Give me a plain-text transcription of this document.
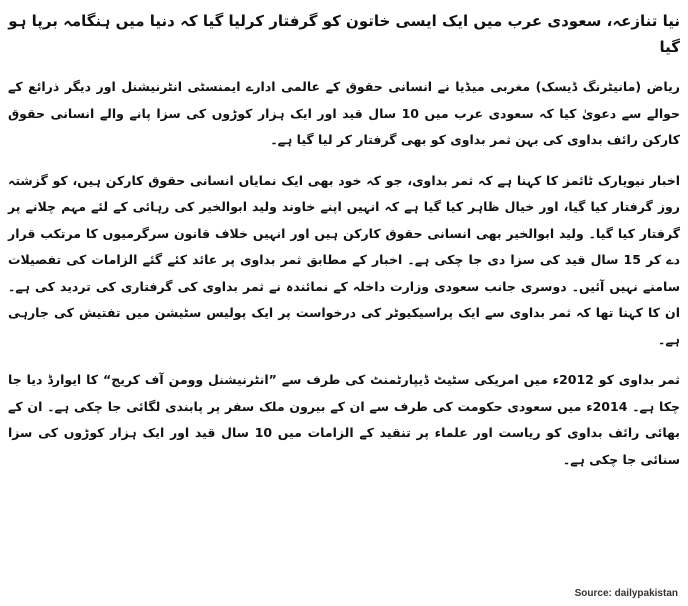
نیا تنازعہ، سعودی عرب میں ایک ایسی خاتون کو گرفتار کرلیا گیا کہ دنیا میں ہنگامہ برپا ہو گیا

ریاض (مانیٹرنگ ڈیسک) مغربی میڈیا نے انسانی حقوق کے عالمی ادارے ایمنسٹی انٹرنیشنل اور دیگر ذرائع کے حوالے سے دعویٰ کیا کہ سعودی عرب میں 10 سال قید اور ایک ہزار کوڑوں کی سزا پانے والے انسانی حقوق کارکن رائف بداوی کی بہن ثمر بداوی کو بھی گرفتار کر لیا گیا ہے۔

اخبار نیویارک ٹائمز کا کہنا ہے کہ ثمر بداوی، جو کہ خود بھی ایک نمایاں انسانی حقوق کارکن ہیں، کو گزشتہ روز گرفتار کیا گیا، اور خیال ظاہر کیا گیا ہے کہ انہیں اپنے خاوند ولید ابوالخیر کی رہائی کے لئے مہم چلانے پر گرفتار کیا گیا۔ ولید ابوالخیر بھی انسانی حقوق کارکن ہیں اور انہیں خلاف قانون سرگرمیوں کا مرتکب قرار دے کر 15 سال قید کی سزا دی جا چکی ہے۔ اخبار کے مطابق ثمر بداوی پر عائد کئے گئے الزامات کی تفصیلات سامنے نہیں آئیں۔ دوسری جانب سعودی وزارت داخلہ کے نمائندہ نے ثمر بداوی کی گرفتاری کی تردید کی ہے۔ ان کا کہنا تھا کہ ثمر بداوی سے ایک پراسیکیوٹر کی درخواست پر ایک پولیس سٹیشن میں تفتیش کی جارہی ہے۔

ثمر بداوی کو 2012ء میں امریکی سٹیٹ ڈیپارٹمنٹ کی طرف سے ”انٹرنیشنل وومن آف کریج“ کا ایوارڈ دیا جا چکا ہے۔ 2014ء میں سعودی حکومت کی طرف سے ان کے بیرون ملک سفر پر پابندی لگائی جا چکی ہے۔ ان کے بھائی رائف بداوی کو ریاست اور علماء پر تنقید کے الزامات میں 10 سال قید اور ایک ہزار کوڑوں کی سزا سنائی جا چکی ہے۔

Source: dailypakistan
